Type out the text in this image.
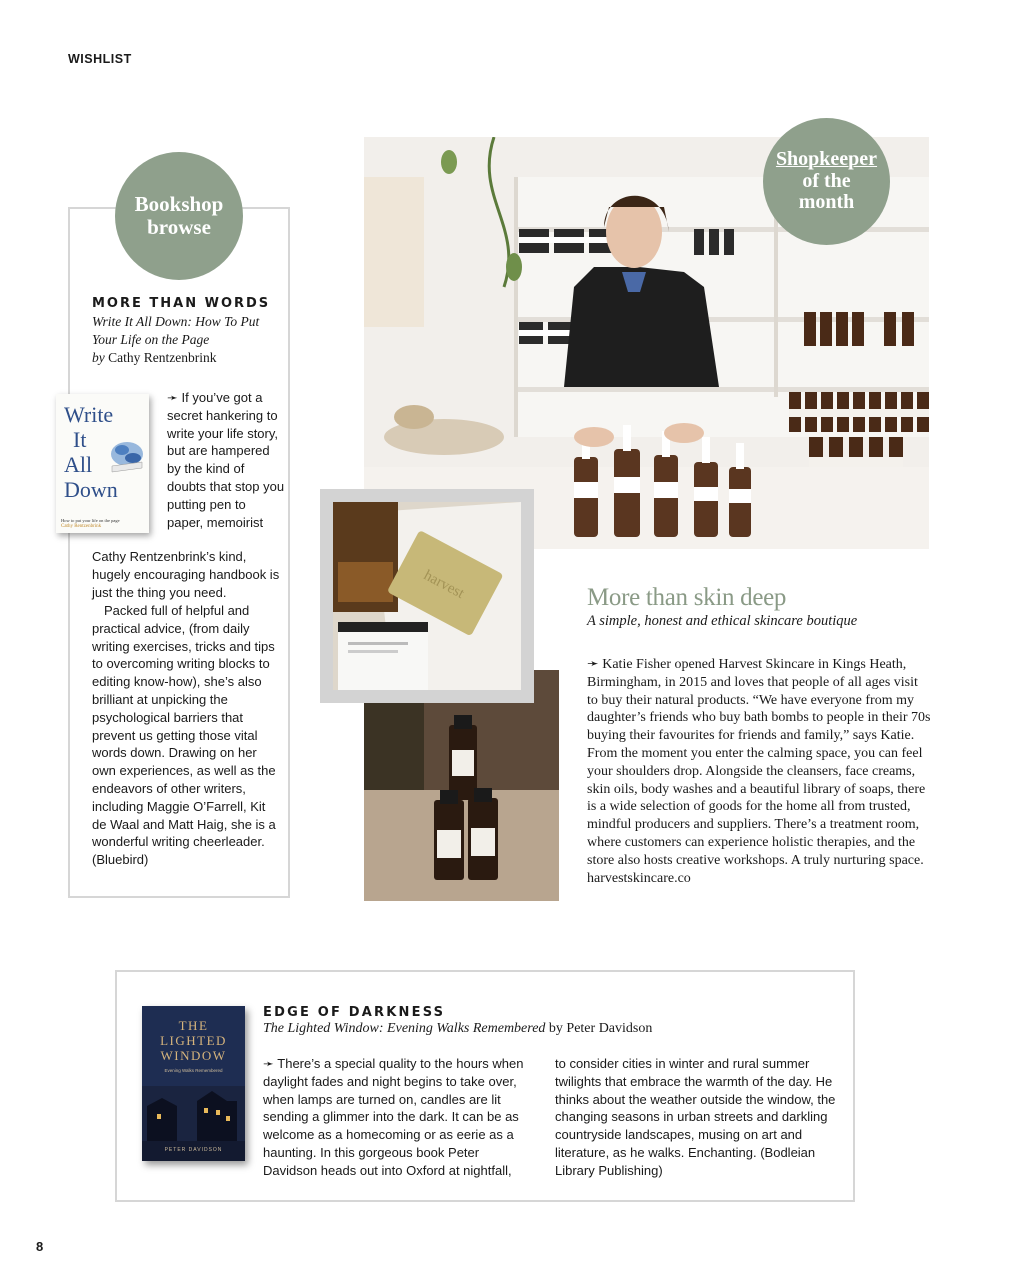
WISHLIST
Bookshop browse
MORE THAN WORDS
Write It All Down: How To Put Your Life on the Page
by Cathy Rentzenbrink
Write
It
All
Down
How to put your life on the page
Cathy Rentzenbrink
➛ If you’ve got a secret hankering to write your life story, but are hampered by the kind of doubts that stop you putting pen to paper, memoirist
Cathy Rentzenbrink’s kind, hugely encouraging handbook is just the thing you need.
Packed full of helpful and practical advice, (from daily writing exercises, tricks and tips to overcoming writing blocks to editing know-how), she’s also brilliant at unpicking the psychological barriers that prevent us getting those vital words down. Drawing on her own experiences, as well as the endeavors of other writers, including Maggie O’Farrell, Kit de Waal and Matt Haig, she is a wonderful writing cheerleader. (Bluebird)
Shopkeeper
of the
month
harvest	More than skin deep
A simple, honest and ethical skincare boutique
➛ Katie Fisher opened Harvest Skincare in Kings Heath, Birmingham, in 2015 and loves that people of all ages visit to buy their natural products. “We have everyone from my daughter’s friends who buy bath bombs to people in their 70s buying their favourites for friends and family,” says Katie. From the moment you enter the calming space, you can feel your shoulders drop. Alongside the cleansers, face creams, skin oils, body washes and a beautiful library of soaps, there is a wide selection of goods for the home all from trusted, mindful producers and suppliers. There’s a treatment room, where customers can experience holistic therapies, and the store also hosts creative workshops. A truly nurturing space. harvestskincare.co
THE
LIGHTED
WINDOW
Evening Walks Remembered
PETER DAVIDSON
EDGE OF DARKNESS
The Lighted Window: Evening Walks Remembered by Peter Davidson
➛ There’s a special quality to the hours when daylight fades and night begins to take over, when lamps are turned on, candles are lit sending a glimmer into the dark. It can be as welcome as a homecoming or as eerie as a haunting. In this gorgeous book Peter Davidson heads out into Oxford at nightfall,
to consider cities in winter and rural summer twilights that embrace the warmth of the day. He thinks about the weather outside the window, the changing seasons in urban streets and darkling countryside landscapes, musing on art and literature, as he walks. Enchanting. (Bodleian Library Publishing)
8
